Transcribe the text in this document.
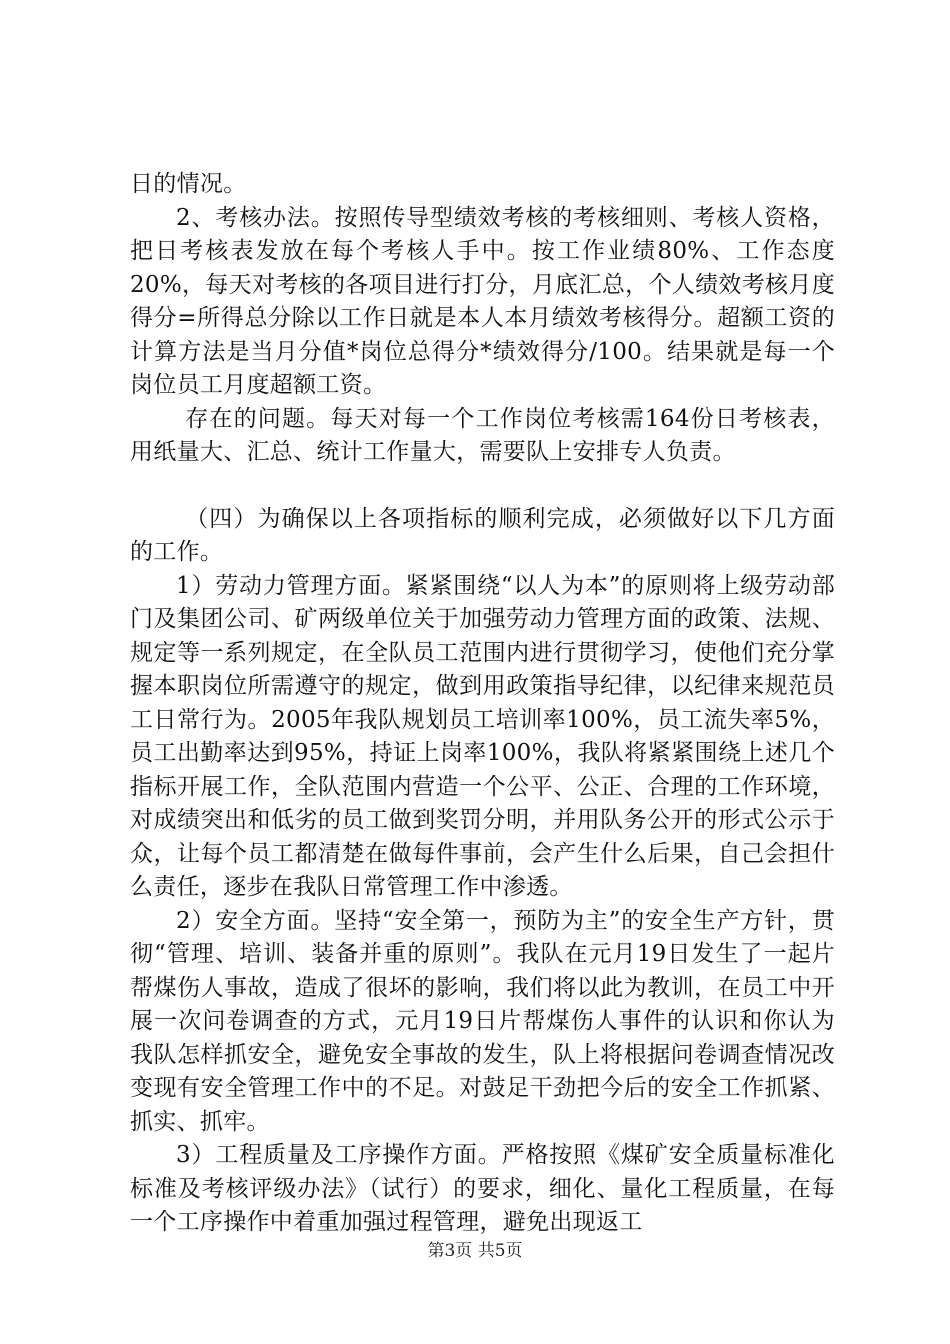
日的情况。

2、考核办法。按照传导型绩效考核的考核细则、考核人资格，把日考核表发放在每个考核人手中。按工作业绩80%、工作态度20%，每天对考核的各项目进行打分，月底汇总，个人绩效考核月度得分=所得总分除以工作日就是本人本月绩效考核得分。超额工资的计算方法是当月分值*岗位总得分*绩效得分/100。结果就是每一个岗位员工月度超额工资。

存在的问题。每天对每一个工作岗位考核需164份日考核表，用纸量大、汇总、统计工作量大，需要队上安排专人负责。

（四）为确保以上各项指标的顺利完成，必须做好以下几方面的工作。

1）劳动力管理方面。紧紧围绕“以人为本”的原则将上级劳动部门及集团公司、矿两级单位关于加强劳动力管理方面的政策、法规、规定等一系列规定，在全队员工范围内进行贯彻学习，使他们充分掌握本职岗位所需遵守的规定，做到用政策指导纪律，以纪律来规范员工日常行为。2005年我队规划员工培训率100%，员工流失率5%，员工出勤率达到95%，持证上岗率100%，我队将紧紧围绕上述几个指标开展工作，全队范围内营造一个公平、公正、合理的工作环境，对成绩突出和低劣的员工做到奖罚分明，并用队务公开的形式公示于众，让每个员工都清楚在做每件事前，会产生什么后果，自己会担什么责任，逐步在我队日常管理工作中渗透。

2）安全方面。坚持“安全第一，预防为主”的安全生产方针，贯彻“管理、培训、装备并重的原则”。我队在元月19日发生了一起片帮煤伤人事故，造成了很坏的影响，我们将以此为教训，在员工中开展一次问卷调查的方式，元月19日片帮煤伤人事件的认识和你认为我队怎样抓安全，避免安全事故的发生，队上将根据问卷调查情况改变现有安全管理工作中的不足。对鼓足干劲把今后的安全工作抓紧、抓实、抓牢。

3）工程质量及工序操作方面。严格按照《煤矿安全质量标准化标准及考核评级办法》（试行）的要求，细化、量化工程质量，在每一个工序操作中着重加强过程管理，避免出现返工

第3页 共5页
